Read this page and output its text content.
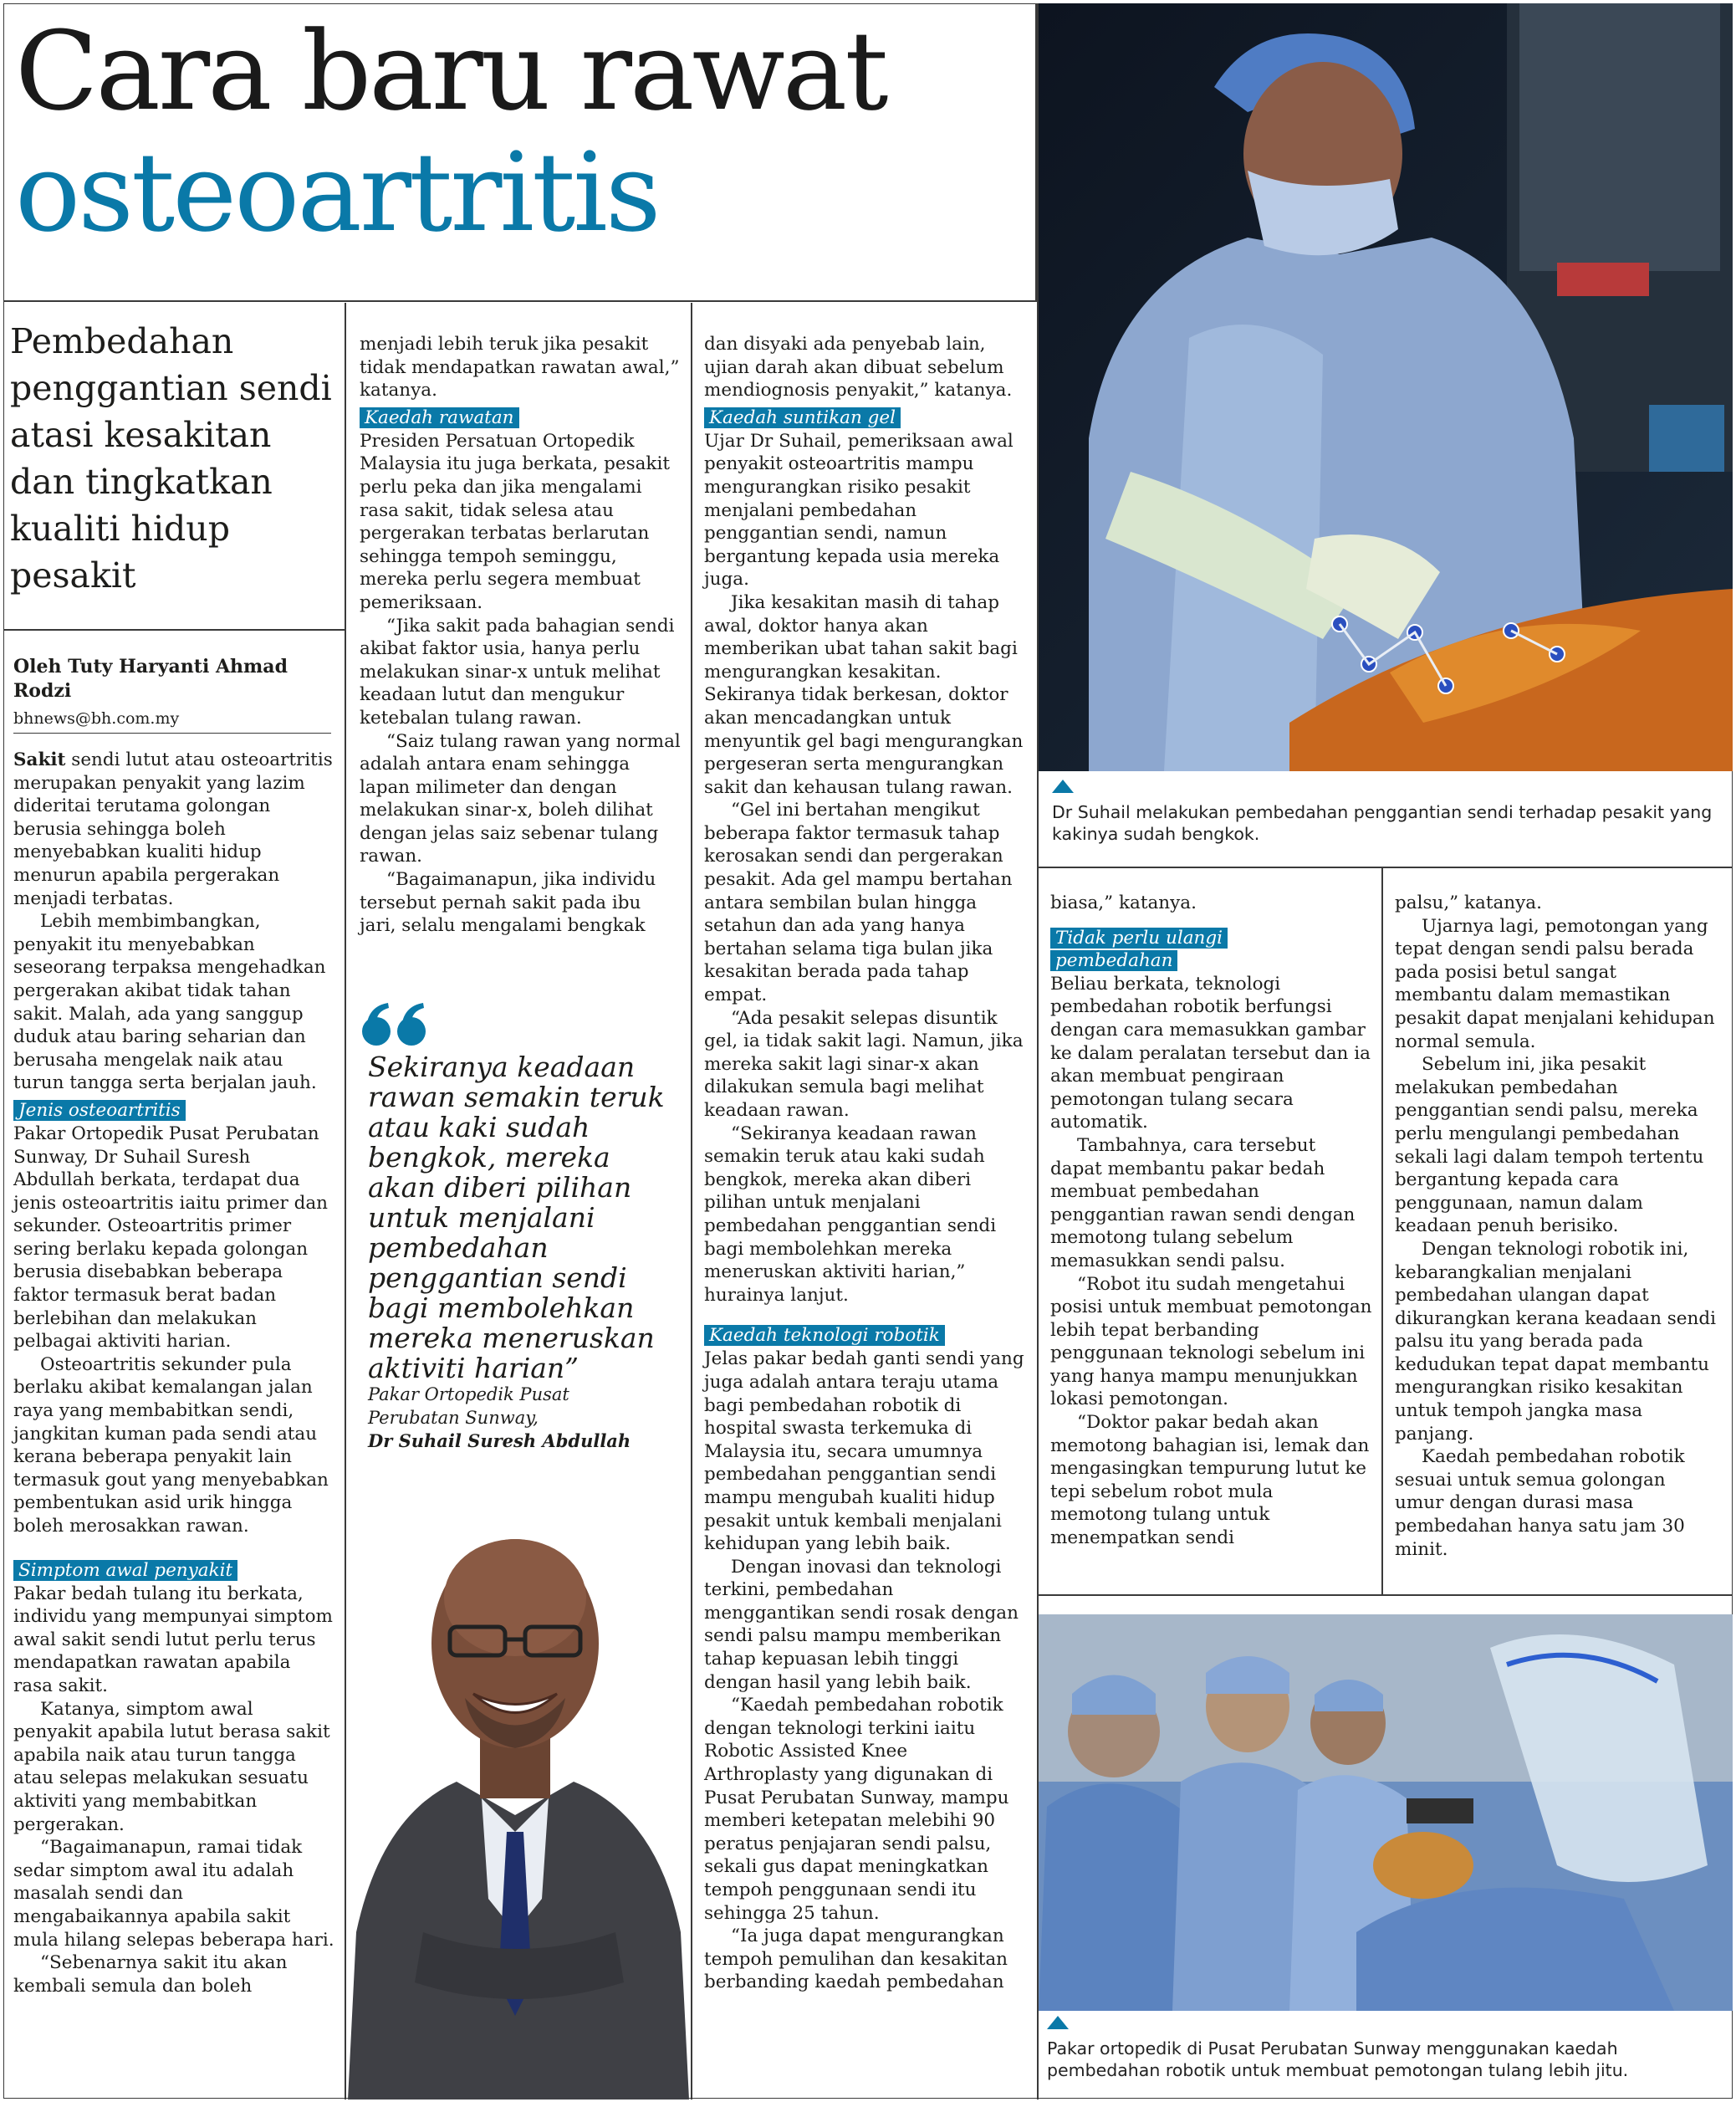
Cara baru rawat
osteoartritis
Pembedahan penggantian sendi atasi kesakitan dan tingkatkan kualiti hidup pesakit
Oleh Tuty Haryanti Ahmad Rodzi
bhnews@bh.com.my

Sakit sendi lutut atau osteoartritis merupakan penyakit yang lazim dideritai terutama golongan berusia sehingga boleh menyebabkan kualiti hidup menurun apabila pergerakan menjadi terbatas.

Lebih membimbangkan, penyakit itu menyebabkan seseorang terpaksa mengehadkan pergerakan akibat tidak tahan sakit. Malah, ada yang sanggup duduk atau baring seharian dan berusaha mengelak naik atau turun tangga serta berjalan jauh.

Jenis osteoartritis

Pakar Ortopedik Pusat Perubatan Sunway, Dr Suhail Suresh Abdullah berkata, terdapat dua jenis osteoartritis iaitu primer dan sekunder. Osteoartritis primer sering berlaku kepada golongan berusia disebabkan beberapa faktor termasuk berat badan berlebihan dan melakukan pelbagai aktiviti harian.

Osteoartritis sekunder pula berlaku akibat kemalangan jalan raya yang membabitkan sendi, jangkitan kuman pada sendi atau kerana beberapa penyakit lain termasuk gout yang menyebabkan pembentukan asid urik hingga boleh merosakkan rawan.

Simptom awal penyakit

Pakar bedah tulang itu berkata, individu yang mempunyai simptom awal sakit sendi lutut perlu terus mendapatkan rawatan apabila rasa sakit.

Katanya, simptom awal penyakit apabila lutut berasa sakit apabila naik atau turun tangga atau selepas melakukan sesuatu aktiviti yang membabitkan pergerakan.

“Bagaimanapun, ramai tidak sedar simptom awal itu adalah masalah sendi dan mengabaikannya apabila sakit mula hilang selepas beberapa hari.

“Sebenarnya sakit itu akan kembali semula dan boleh

menjadi lebih teruk jika pesakit tidak mendapatkan rawatan awal,” katanya.

Kaedah rawatan

Presiden Persatuan Ortopedik Malaysia itu juga berkata, pesakit perlu peka dan jika mengalami rasa sakit, tidak selesa atau pergerakan terbatas berlarutan sehingga tempoh seminggu, mereka perlu segera membuat pemeriksaan.

“Jika sakit pada bahagian sendi akibat faktor usia, hanya perlu melakukan sinar-x untuk melihat keadaan lutut dan mengukur ketebalan tulang rawan.

“Saiz tulang rawan yang normal adalah antara enam sehingga lapan milimeter dan dengan melakukan sinar-x, boleh dilihat dengan jelas saiz sebenar tulang rawan.

“Bagaimanapun, jika individu tersebut pernah sakit pada ibu jari, selalu mengalami bengkak

Sekiranya keadaan rawan semakin teruk atau kaki sudah bengkok, mereka akan diberi pilihan untuk menjalani pembedahan penggantian sendi bagi membolehkan mereka meneruskan aktiviti harian”
Pakar Ortopedik Pusat Perubatan Sunway,
Dr Suhail Suresh Abdullah

dan disyaki ada penyebab lain, ujian darah akan dibuat sebelum mendiognosis penyakit,” katanya.

Kaedah suntikan gel

Ujar Dr Suhail, pemeriksaan awal penyakit osteoartritis mampu mengurangkan risiko pesakit menjalani pembedahan penggantian sendi, namun bergantung kepada usia mereka juga.

Jika kesakitan masih di tahap awal, doktor hanya akan memberikan ubat tahan sakit bagi mengurangkan kesakitan. Sekiranya tidak berkesan, doktor akan mencadangkan untuk menyuntik gel bagi mengurangkan pergeseran serta mengurangkan sakit dan kehausan tulang rawan.

“Gel ini bertahan mengikut beberapa faktor termasuk tahap kerosakan sendi dan pergerakan pesakit. Ada gel mampu bertahan antara sembilan bulan hingga setahun dan ada yang hanya bertahan selama tiga bulan jika kesakitan berada pada tahap empat.

“Ada pesakit selepas disuntik gel, ia tidak sakit lagi. Namun, jika mereka sakit lagi sinar-x akan dilakukan semula bagi melihat keadaan rawan.

“Sekiranya keadaan rawan semakin teruk atau kaki sudah bengkok, mereka akan diberi pilihan untuk menjalani pembedahan penggantian sendi bagi membolehkan mereka meneruskan aktiviti harian,” hurainya lanjut.

Kaedah teknologi robotik

Jelas pakar bedah ganti sendi yang juga adalah antara teraju utama bagi pembedahan robotik di hospital swasta terkemuka di Malaysia itu, secara umumnya pembedahan penggantian sendi mampu mengubah kualiti hidup pesakit untuk kembali menjalani kehidupan yang lebih baik.

Dengan inovasi dan teknologi terkini, pembedahan menggantikan sendi rosak dengan sendi palsu mampu memberikan tahap kepuasan lebih tinggi dengan hasil yang lebih baik.

“Kaedah pembedahan robotik dengan teknologi terkini iaitu Robotic Assisted Knee Arthroplasty yang digunakan di Pusat Perubatan Sunway, mampu memberi ketepatan melebihi 90 peratus penjajaran sendi palsu, sekali gus dapat meningkatkan tempoh penggunaan sendi itu sehingga 25 tahun.

“Ia juga dapat mengurangkan tempoh pemulihan dan kesakitan berbanding kaedah pembedahan

Dr Suhail melakukan pembedahan penggantian sendi terhadap pesakit yang kakinya sudah bengkok.

biasa,” katanya.

Tidak perlu ulangi
pembedahan

Beliau berkata, teknologi pembedahan robotik berfungsi dengan cara memasukkan gambar ke dalam peralatan tersebut dan ia akan membuat pengiraan pemotongan tulang secara automatik.

Tambahnya, cara tersebut dapat membantu pakar bedah membuat pembedahan penggantian rawan sendi dengan memotong tulang sebelum memasukkan sendi palsu.

“Robot itu sudah mengetahui posisi untuk membuat pemotongan lebih tepat berbanding penggunaan teknologi sebelum ini yang hanya mampu menunjukkan lokasi pemotongan.

“Doktor pakar bedah akan memotong bahagian isi, lemak dan mengasingkan tempurung lutut ke tepi sebelum robot mula memotong tulang untuk menempatkan sendi

palsu,” katanya.

Ujarnya lagi, pemotongan yang tepat dengan sendi palsu berada pada posisi betul sangat membantu dalam memastikan pesakit dapat menjalani kehidupan normal semula.

Sebelum ini, jika pesakit melakukan pembedahan penggantian sendi palsu, mereka perlu mengulangi pembedahan sekali lagi dalam tempoh tertentu bergantung kepada cara penggunaan, namun dalam keadaan penuh berisiko.

Dengan teknologi robotik ini, kebarangkalian menjalani pembedahan ulangan dapat dikurangkan kerana keadaan sendi palsu itu yang berada pada kedudukan tepat dapat membantu mengurangkan risiko kesakitan untuk tempoh jangka masa panjang.

Kaedah pembedahan robotik sesuai untuk semua golongan umur dengan durasi masa pembedahan hanya satu jam 30 minit.

Pakar ortopedik di Pusat Perubatan Sunway menggunakan kaedah pembedahan robotik untuk membuat pemotongan tulang lebih jitu.
